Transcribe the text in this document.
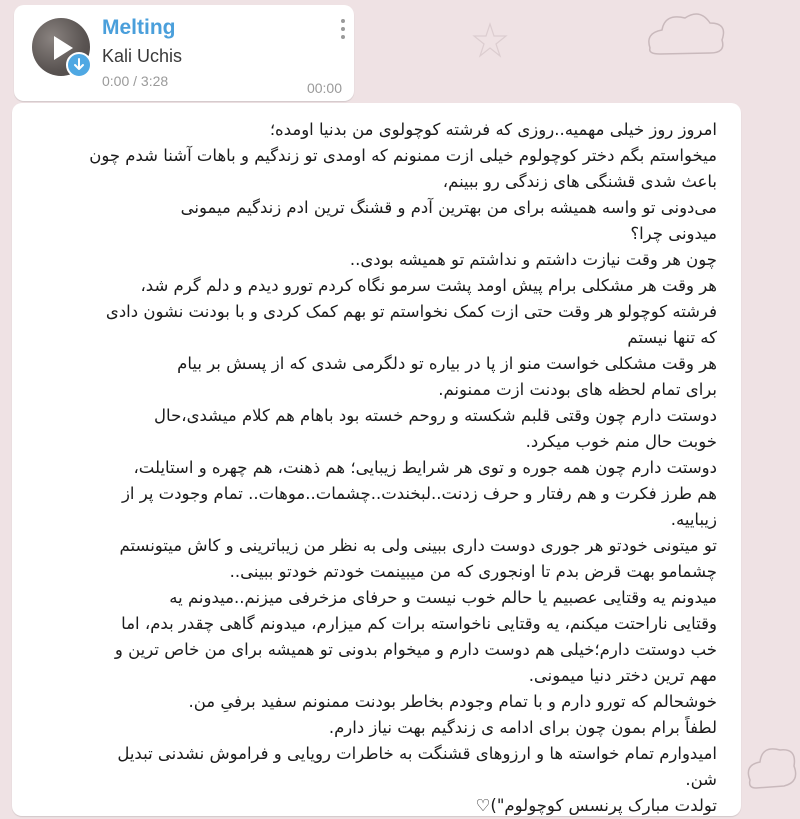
Melting
Kali Uchis
0:00 / 3:28	00:00
امروز روز خیلی مهمیه..روزی که فرشته کوچولوی من بدنیا اومده؛
میخواستم بگم دختر کوچولوم خیلی ازت ممنونم که اومدی تو زندگیم و باهات آشنا شدم چون
باعث شدی قشنگی های زندگی رو ببینم،
می‌دونی تو واسه همیشه برای من بهترین آدم و قشنگ ترین ادم زندگیم میمونی
میدونی چرا؟
چون هر وقت نیازت داشتم و نداشتم تو همیشه بودی..
هر وقت هر مشکلی برام پیش اومد پشت سرمو نگاه کردم تورو دیدم و دلم گرم شد،
فرشته کوچولو هر وقت حتی ازت کمک نخواستم تو بهم کمک کردی و با بودنت نشون دادی
که تنها نیستم
هر وقت مشکلی خواست منو از پا در بیاره تو دلگرمی شدی که از پسش بر بیام
برای تمام لحظه های بودنت ازت ممنونم.
دوستت دارم چون وقتی قلبم شکسته و روحم خسته بود باهام هم کلام میشدی،حال
خوبت حال منم خوب میکرد.
دوستت دارم چون همه جوره و توی هر شرایط زیبایی؛ هم ذهنت، هم چهره و استایلت،
هم طرز فکرت و هم رفتار و حرف زدنت..لبخندت..چشمات..موهات.. تمام وجودت پر از
زیباییه.
تو میتونی خودتو هر جوری دوست داری ببینی ولی به نظر من زیباترینی و کاش میتونستم
چشمامو بهت قرض بدم تا اونجوری که من میبینمت خودتم خودتو ببینی..
میدونم یه وقتایی عصبیم یا حالم خوب نیست و حرفای مزخرفی میزنم..میدونم یه
وقتایی ناراحتت میکنم، یه وقتایی ناخواسته برات کم میزارم، میدونم گاهی چقدر بدم، اما
خب دوستت دارم؛خیلی هم دوست دارم و میخوام بدونی تو همیشه برای من خاص ترین و
مهم ترین دختر دنیا میمونی.
خوشحالم که تورو دارم و با تمام وجودم بخاطر بودنت ممنونم سفید برفیِ من.
لطفاً برام بمون چون برای ادامه ی زندگیم بهت نیاز دارم.
امیدوارم تمام خواسته ها و ارزوهای قشنگت به خاطرات رویایی و فراموش نشدنی تبدیل
شن.
تولدت مبارک پرنسس کوچولوم")♡
